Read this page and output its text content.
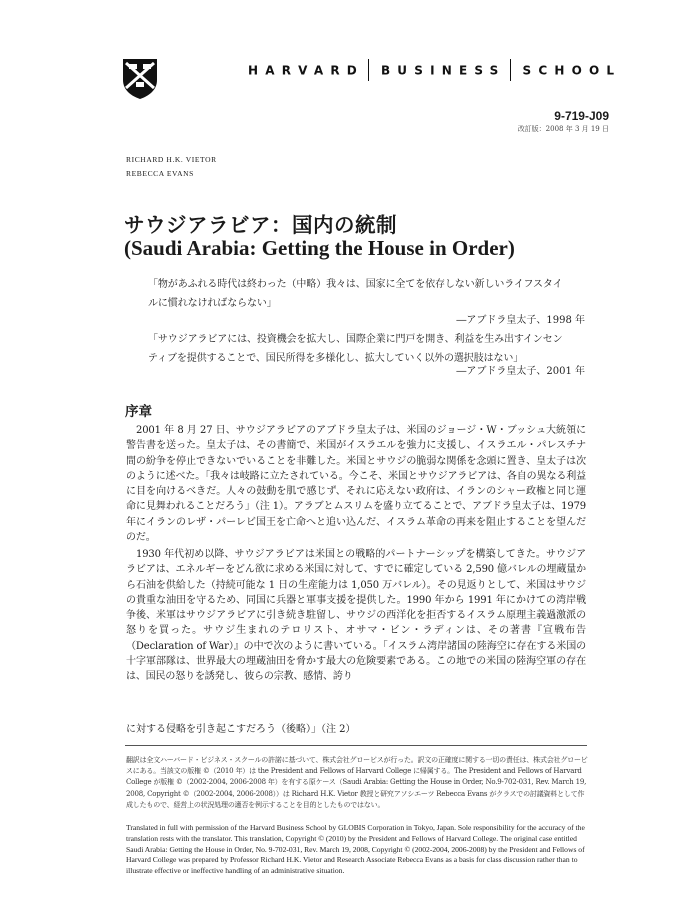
HARVARD BUSINESS SCHOOL
9-719-J09
改訂版：2008 年 3 月 19 日
RICHARD H.K. VIETOR
REBECCA EVANS
サウジアラビア：国内の統制
(Saudi Arabia: Getting the House in Order)
「物があふれる時代は終わった（中略）我々は、国家に全てを依存しない新しいライフスタイ
ルに慣れなければならない」
―アブドラ皇太子、1998 年
「サウジアラビアには、投資機会を拡大し、国際企業に門戸を開き、利益を生み出すインセン
ティブを提供することで、国民所得を多様化し、拡大していく以外の選択肢はない」
―アブドラ皇太子、2001 年
序章

2001 年 8 月 27 日、サウジアラビアのアブドラ皇太子は、米国のジョージ・W・ブッシュ大統領に警告書を送った。皇太子は、その書簡で、米国がイスラエルを強力に支援し、イスラエル・パレスチナ間の紛争を停止できないでいることを非難した。米国とサウジの脆弱な関係を念頭に置き、皇太子は次のように述べた。「我々は岐路に立たされている。今こそ、米国とサウジアラビアは、各自の異なる利益に目を向けるべきだ。人々の鼓動を肌で感じず、それに応えない政府は、イランのシャー政権と同じ運命に見舞われることだろう」（注 1）。アラブとムスリムを盛り立てることで、アブドラ皇太子は、1979 年にイランのレザ・パーレビ国王を亡命へと追い込んだ、イスラム革命の再来を阻止することを望んだのだ。

1930 年代初め以降、サウジアラビアは米国との戦略的パートナーシップを構築してきた。サウジアラビアは、エネルギーをどん欲に求める米国に対して、すでに確定している 2,590 億バレルの埋蔵量から石油を供給した（持続可能な 1 日の生産能力は 1,050 万バレル）。その見返りとして、米国はサウジの貴重な油田を守るため、同国に兵器と軍事支援を提供した。1990 年から 1991 年にかけての湾岸戦争後、米軍はサウジアラビアに引き続き駐留し、サウジの西洋化を拒否するイスラム原理主義過激派の怒りを買った。サウジ生まれのテロリスト、オサマ・ビン・ラディンは、その著書『宣戦布告（Declaration of War）』の中で次のように書いている。「イスラム湾岸諸国の陸海空に存在する米国の十字軍部隊は、世界最大の埋蔵油田を脅かす最大の危険要素である。この地での米国の陸海空軍の存在は、国民の怒りを誘発し、彼らの宗教、感情、誇り

に対する侵略を引き起こすだろう（後略）」（注 2）
翻訳は全文ハーバード・ビジネス・スクールの許諾に基づいて、株式会社グロービスが行った。訳文の正確度に関する一切の責任は、株式会社グロービスにある。当該文の版権 ©（2010 年）は the President and Fellows of Harvard College に帰属する。The President and Fellows of Harvard College が版権 ©（2002-2004, 2006-2008 年）を有する原ケース（Saudi Arabia: Getting the House in Order, No.9-702-031, Rev. March 19, 2008, Copyright ©（2002-2004, 2006-2008））は Richard H.K. Vietor 教授と研究アソシエーツ Rebecca Evans がクラスでの討議資料として作成したもので、経営上の状況処理の適否を例示することを目的としたものではない。
Translated in full with permission of the Harvard Business School by GLOBIS Corporation in Tokyo, Japan. Sole responsibility for the accuracy of the translation rests with the translator. This translation, Copyright © (2010) by the President and Fellows of Harvard College. The original case entitled Saudi Arabia: Getting the House in Order, No. 9-702-031, Rev. March 19, 2008, Copyright © (2002-2004, 2006-2008) by the President and Fellows of Harvard College was prepared by Professor Richard H.K. Vietor and Research Associate Rebecca Evans as a basis for class discussion rather than to illustrate effective or ineffective handling of an administrative situation.
